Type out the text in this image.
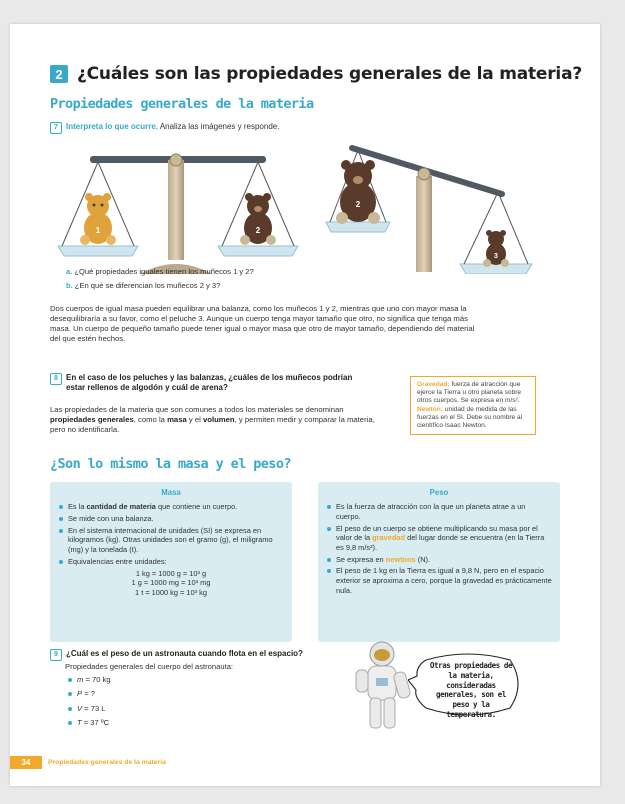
2 ¿Cuáles son las propiedades generales de la materia?
Propiedades generales de la materia
7	Interpreta lo que ocurre. Analiza las imágenes y responde.
1	2
2
3
a. ¿Qué propiedades iguales tienen los muñecos 1 y 2?
b. ¿En qué se diferencian los muñecos 2 y 3?
Dos cuerpos de igual masa pueden equilibrar una balanza, como los muñecos 1 y 2, mientras que uno con mayor masa la desequilibraría a su favor, como el peluche 3. Aunque un cuerpo tenga mayor tamaño que otro, no significa que tenga más masa. Un cuerpo de pequeño tamaño puede tener igual o mayor masa que otro de mayor tamaño, dependiendo del material del que estén hechos.
8	En el caso de los peluches y las balanzas, ¿cuáles de los muñecos podrían estar rellenos de algodón y cuál de arena?
Las propiedades de la materia que son comunes a todos los materiales se denominan propiedades generales, como la masa y el volumen, y permiten medir y comparar la materia, pero no identificarla.
Gravedad: fuerza de atracción que ejerce la Tierra u otro planeta sobre otros cuerpos. Se expresa en m/s².
Newton: unidad de medida de las fuerzas en el SI. Debe su nombre al científico Isaac Newton.
¿Son lo mismo la masa y el peso?
Masa
Es la cantidad de materia que contiene un cuerpo.
Se mide con una balanza.
En el sistema internacional de unidades (SI) se expresa en kilogramos (kg). Otras unidades son el gramo (g), el miligramo (mg) y la tonelada (t).
Equivalencias entre unidades:
1 kg = 1000 g = 10³ g
1 g = 1000 mg = 10³ mg
1 t = 1000 kg = 10³ kg
Peso
Es la fuerza de atracción con la que un planeta atrae a un cuerpo.
El peso de un cuerpo se obtiene multiplicando su masa por el valor de la gravedad del lugar donde se encuentra (en la Tierra es 9,8 m/s²).
Se expresa en newtons (N).
El peso de 1 kg en la Tierra es igual a 9,8 N, pero en el espacio exterior se aproxima a cero, porque la gravedad es prácticamente nula.
9	¿Cuál es el peso de un astronauta cuando flota en el espacio?
Propiedades generales del cuerpo del astronauta:
m = 70 kg
P = ?
V = 73 L
T = 37 ºC
Otras propiedades de la materia, consideradas generales, son el peso y la temperatura.
34	Propiedades generales de la materia
